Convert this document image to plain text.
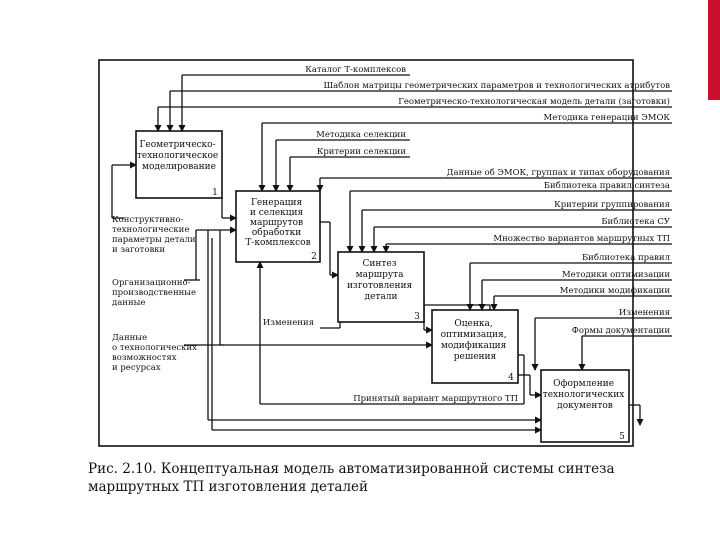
Геометрическо- технологическое моделирование
1
Генерация и селекция маршрутов обработки Т-комплексов
2
Синтез маршрута изготовления детали
3
Оценка, оптимизация, модификация решения
4
Оформление технологических документов
5
Каталог Т-комплексов
Шаблон матрицы геометрических параметров и технологических атрибутов
Геометрическо-технологическая модель детали (заготовки)
Методика генерации ЭМОК
Методика селекции
Критерии селекции
Данные об ЭМОК, группах и типах оборудования
Библиотека правил синтеза
Критерии группирования
Библиотека СУ
Множество вариантов маршрутных ТП
Библиотека правил
Методики оптимизации
Методики модификации
Изменения
Формы документации
Изменения
Принятый вариант маршрутного ТП
Конструктивно- технологические параметры детали и заготовки
Организационно- производственные данные
Данные о технологических возможностях и ресурсах
Рис. 2.10. Концептуальная модель автоматизированной системы синтеза
маршрутных ТП изготовления деталей
